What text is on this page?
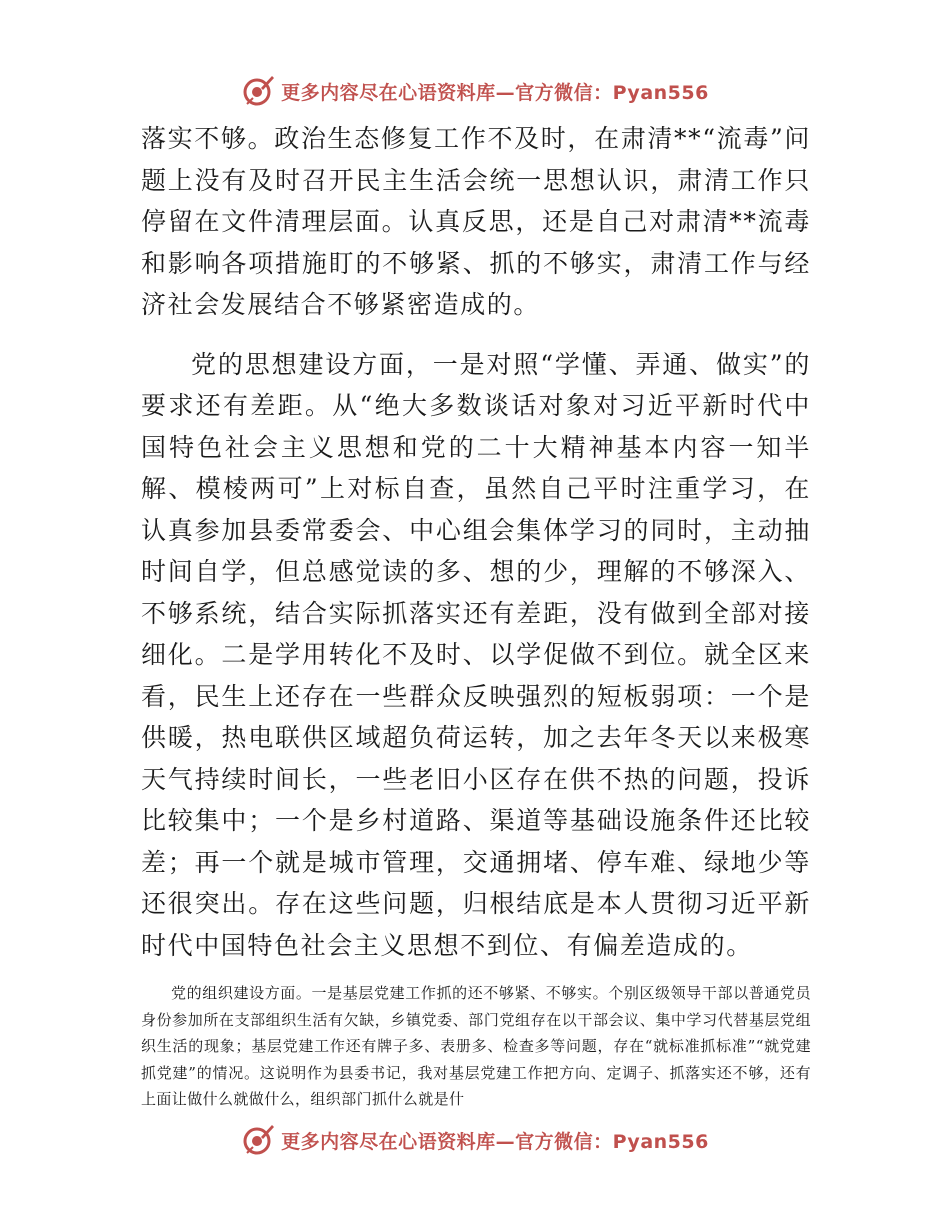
更多内容尽在心语资料库—官方微信：Pyan556

落实不够。政治生态修复工作不及时，在肃清**“流毒”问题上没有及时召开民主生活会统一思想认识，肃清工作只停留在文件清理层面。认真反思，还是自己对肃清**流毒和影响各项措施盯的不够紧、抓的不够实，肃清工作与经济社会发展结合不够紧密造成的。

党的思想建设方面，一是对照“学懂、弄通、做实”的要求还有差距。从“绝大多数谈话对象对习近平新时代中国特色社会主义思想和党的二十大精神基本内容一知半解、模棱两可”上对标自查，虽然自己平时注重学习，在认真参加县委常委会、中心组会集体学习的同时，主动抽时间自学，但总感觉读的多、想的少，理解的不够深入、不够系统，结合实际抓落实还有差距，没有做到全部对接细化。二是学用转化不及时、以学促做不到位。就全区来看，民生上还存在一些群众反映强烈的短板弱项：一个是供暖，热电联供区域超负荷运转，加之去年冬天以来极寒天气持续时间长，一些老旧小区存在供不热的问题，投诉比较集中；一个是乡村道路、渠道等基础设施条件还比较差；再一个就是城市管理，交通拥堵、停车难、绿地少等还很突出。存在这些问题，归根结底是本人贯彻习近平新时代中国特色社会主义思想不到位、有偏差造成的。

党的组织建设方面。一是基层党建工作抓的还不够紧、不够实。个别区级领导干部以普通党员身份参加所在支部组织生活有欠缺，乡镇党委、部门党组存在以干部会议、集中学习代替基层党组织生活的现象；基层党建工作还有牌子多、表册多、检查多等问题，存在“就标准抓标准”“就党建抓党建”的情况。这说明作为县委书记，我对基层党建工作把方向、定调子、抓落实还不够，还有上面让做什么就做什么，组织部门抓什么就是什

更多内容尽在心语资料库—官方微信：Pyan556
